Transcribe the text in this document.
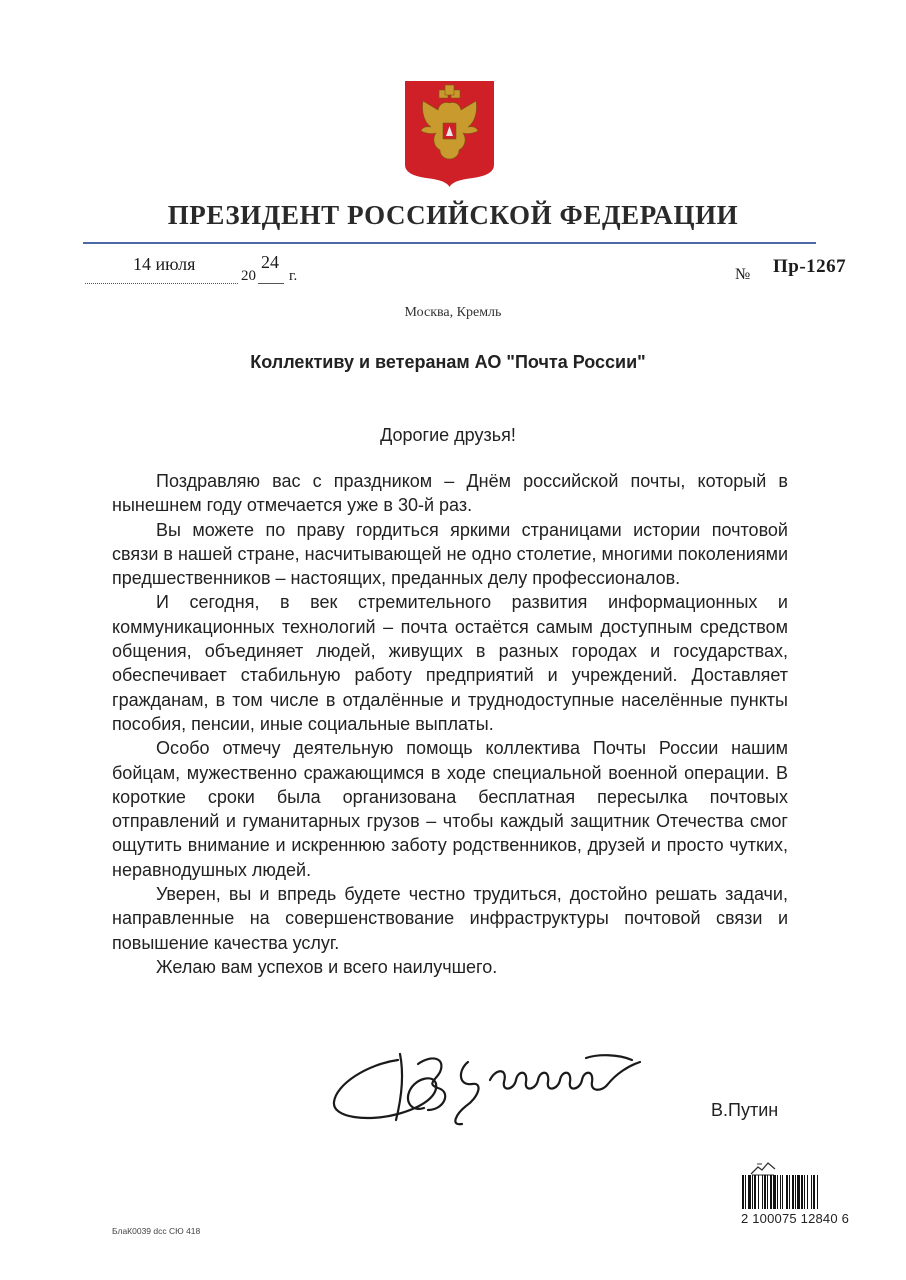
ПРЕЗИДЕНТ РОССИЙСКОЙ ФЕДЕРАЦИИ
14 июля
20
24
г.	№ Пр-1267
Москва, Кремль
Коллективу и ветеранам АО "Почта России"
Дорогие друзья!

Поздравляю вас с праздником – Днём российской почты, который в нынешнем году отмечается уже в 30-й раз.

Вы можете по праву гордиться яркими страницами истории почтовой связи в нашей стране, насчитывающей не одно столетие, многими поколениями предшественников – настоящих, преданных делу профессионалов.

И сегодня, в век стремительного развития информационных и коммуникационных технологий – почта остаётся самым доступным средством общения, объединяет людей, живущих в разных городах и государствах, обеспечивает стабильную работу предприятий и учреждений. Доставляет гражданам, в том числе в отдалённые и труднодоступные населённые пункты пособия, пенсии, иные социальные выплаты.

Особо отмечу деятельную помощь коллектива Почты России нашим бойцам, мужественно сражающимся в ходе специальной военной операции. В короткие сроки была организована бесплатная пересылка почтовых отправлений и гуманитарных грузов – чтобы каждый защитник Отечества смог ощутить внимание и искреннюю заботу родственников, друзей и просто чутких, неравнодушных людей.

Уверен, вы и впредь будете честно трудиться, достойно решать задачи, направленные на совершенствование инфраструктуры почтовой связи и повышение качества услуг.

Желаю вам успехов и всего наилучшего.

В.Путин
2 100075 12840 6
БлаК0039 dcc СЮ 418
